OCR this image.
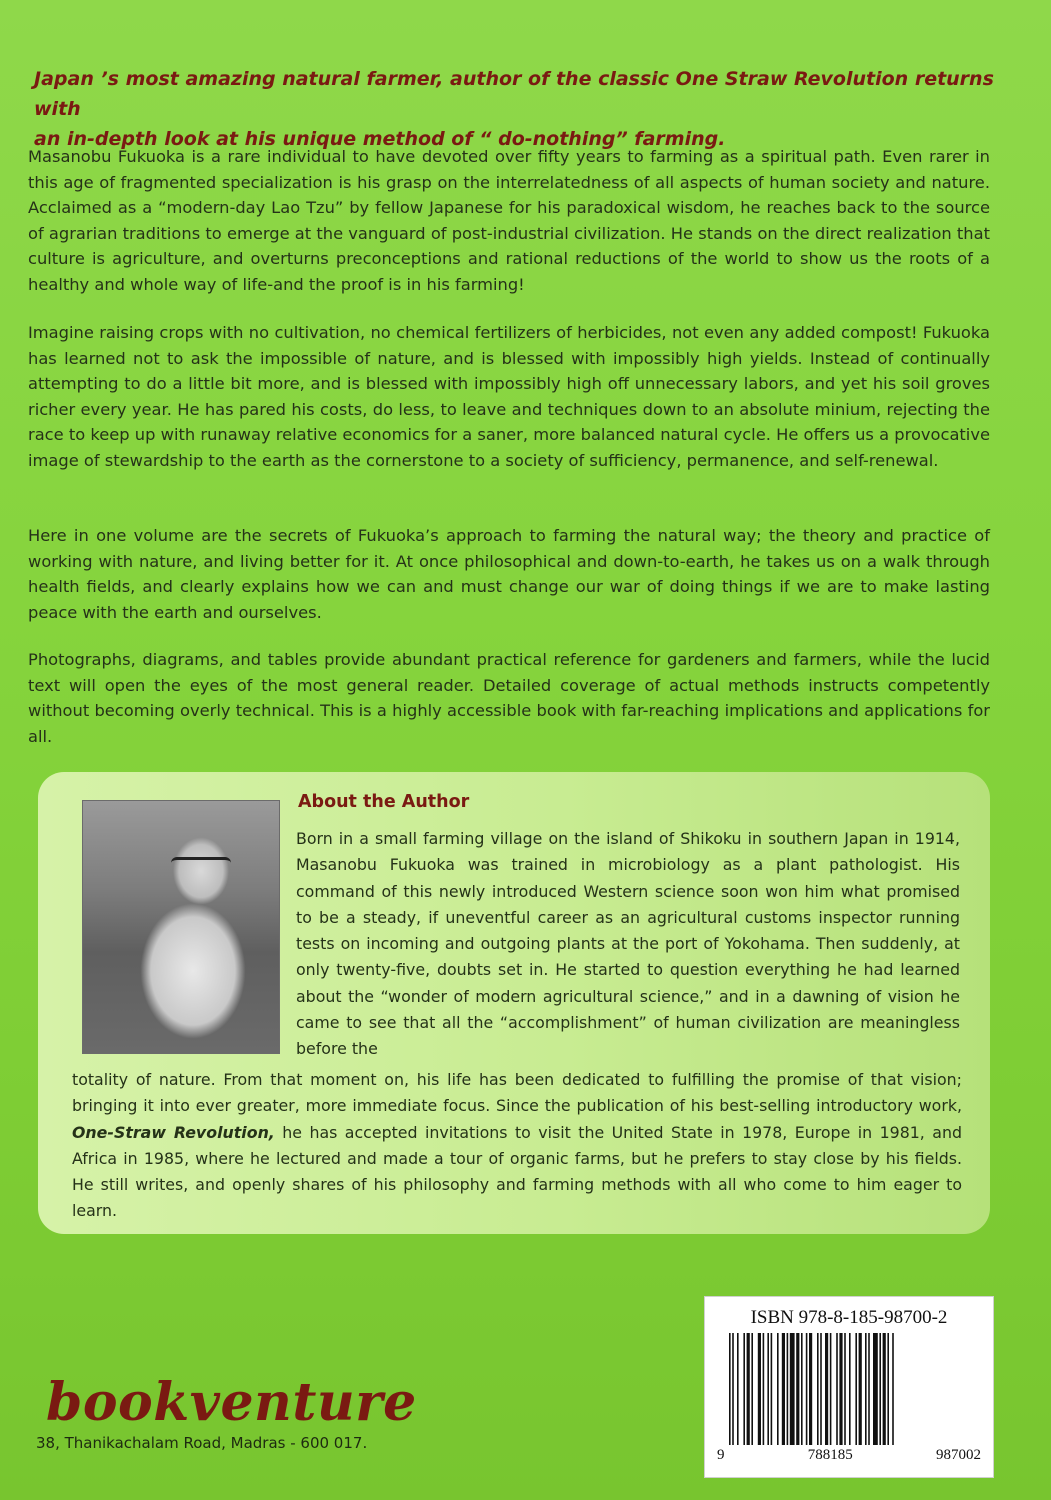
Japan ’s most amazing natural farmer, author of the classic One Straw Revolution returns with
an in-depth look at his unique method of “ do-nothing” farming.

Masanobu Fukuoka is a rare individual to have devoted over fifty years to farming as a spiritual path. Even rarer in this age of fragmented specialization is his grasp on the interrelatedness of all aspects of human society and nature. Acclaimed as a “modern-day Lao Tzu” by fellow Japanese for his paradoxical wisdom, he reaches back to the source of agrarian traditions to emerge at the vanguard of post-industrial civilization. He stands on the direct realization that culture is agriculture, and overturns preconceptions and rational reductions of the world to show us the roots of a healthy and whole way of life-and the proof is in his farming!

Imagine raising crops with no cultivation, no chemical fertilizers of herbicides, not even any added compost! Fukuoka has learned not to ask the impossible of nature, and is blessed with impossibly high yields. Instead of continually attempting to do a little bit more, and is blessed with impossibly high off unnecessary labors, and yet his soil groves richer every year. He has pared his costs, do less, to leave and techniques down to an absolute minium, rejecting the race to keep up with runaway relative economics for a saner, more balanced natural cycle. He offers us a provocative image of stewardship to the earth as the cornerstone to a society of sufficiency, permanence, and self-renewal.

Here in one volume are the secrets of Fukuoka’s approach to farming the natural way; the theory and practice of working with nature, and living better for it. At once philosophical and down-to-earth, he takes us on a walk through health fields, and clearly explains how we can and must change our war of doing things if we are to make lasting peace with the earth and ourselves.

Photographs, diagrams, and tables provide abundant practical reference for gardeners and farmers, while the lucid text will open the eyes of the most general reader. Detailed coverage of actual methods instructs competently without becoming overly technical. This is a highly accessible book with far-reaching implications and applications for all.

About the Author

Born in a small farming village on the island of Shikoku in southern Japan in 1914, Masanobu Fukuoka was trained in microbiology as a plant pathologist. His command of this newly introduced Western science soon won him what promised to be a steady, if uneventful career as an agricultural customs inspector running tests on incoming and outgoing plants at the port of Yokohama. Then suddenly, at only twenty-five, doubts set in. He started to question everything he had learned about the “wonder of modern agricultural science,” and in a dawning of vision he came to see that all the “accomplishment” of human civilization are meaningless before the

totality of nature. From that moment on, his life has been dedicated to fulfilling the promise of that vision; bringing it into ever greater, more immediate focus. Since the publication of his best-selling introductory work, One-Straw Revolution, he has accepted invitations to visit the United State in 1978, Europe in 1981, and Africa in 1985, where he lectured and made a tour of organic farms, but he prefers to stay close by his fields. He still writes, and openly shares of his philosophy and farming methods with all who come to him eager to learn.

ISBN 978-8-185-98700-2
9	788185	987002
bookventure
38, Thanikachalam Road, Madras - 600 017.
